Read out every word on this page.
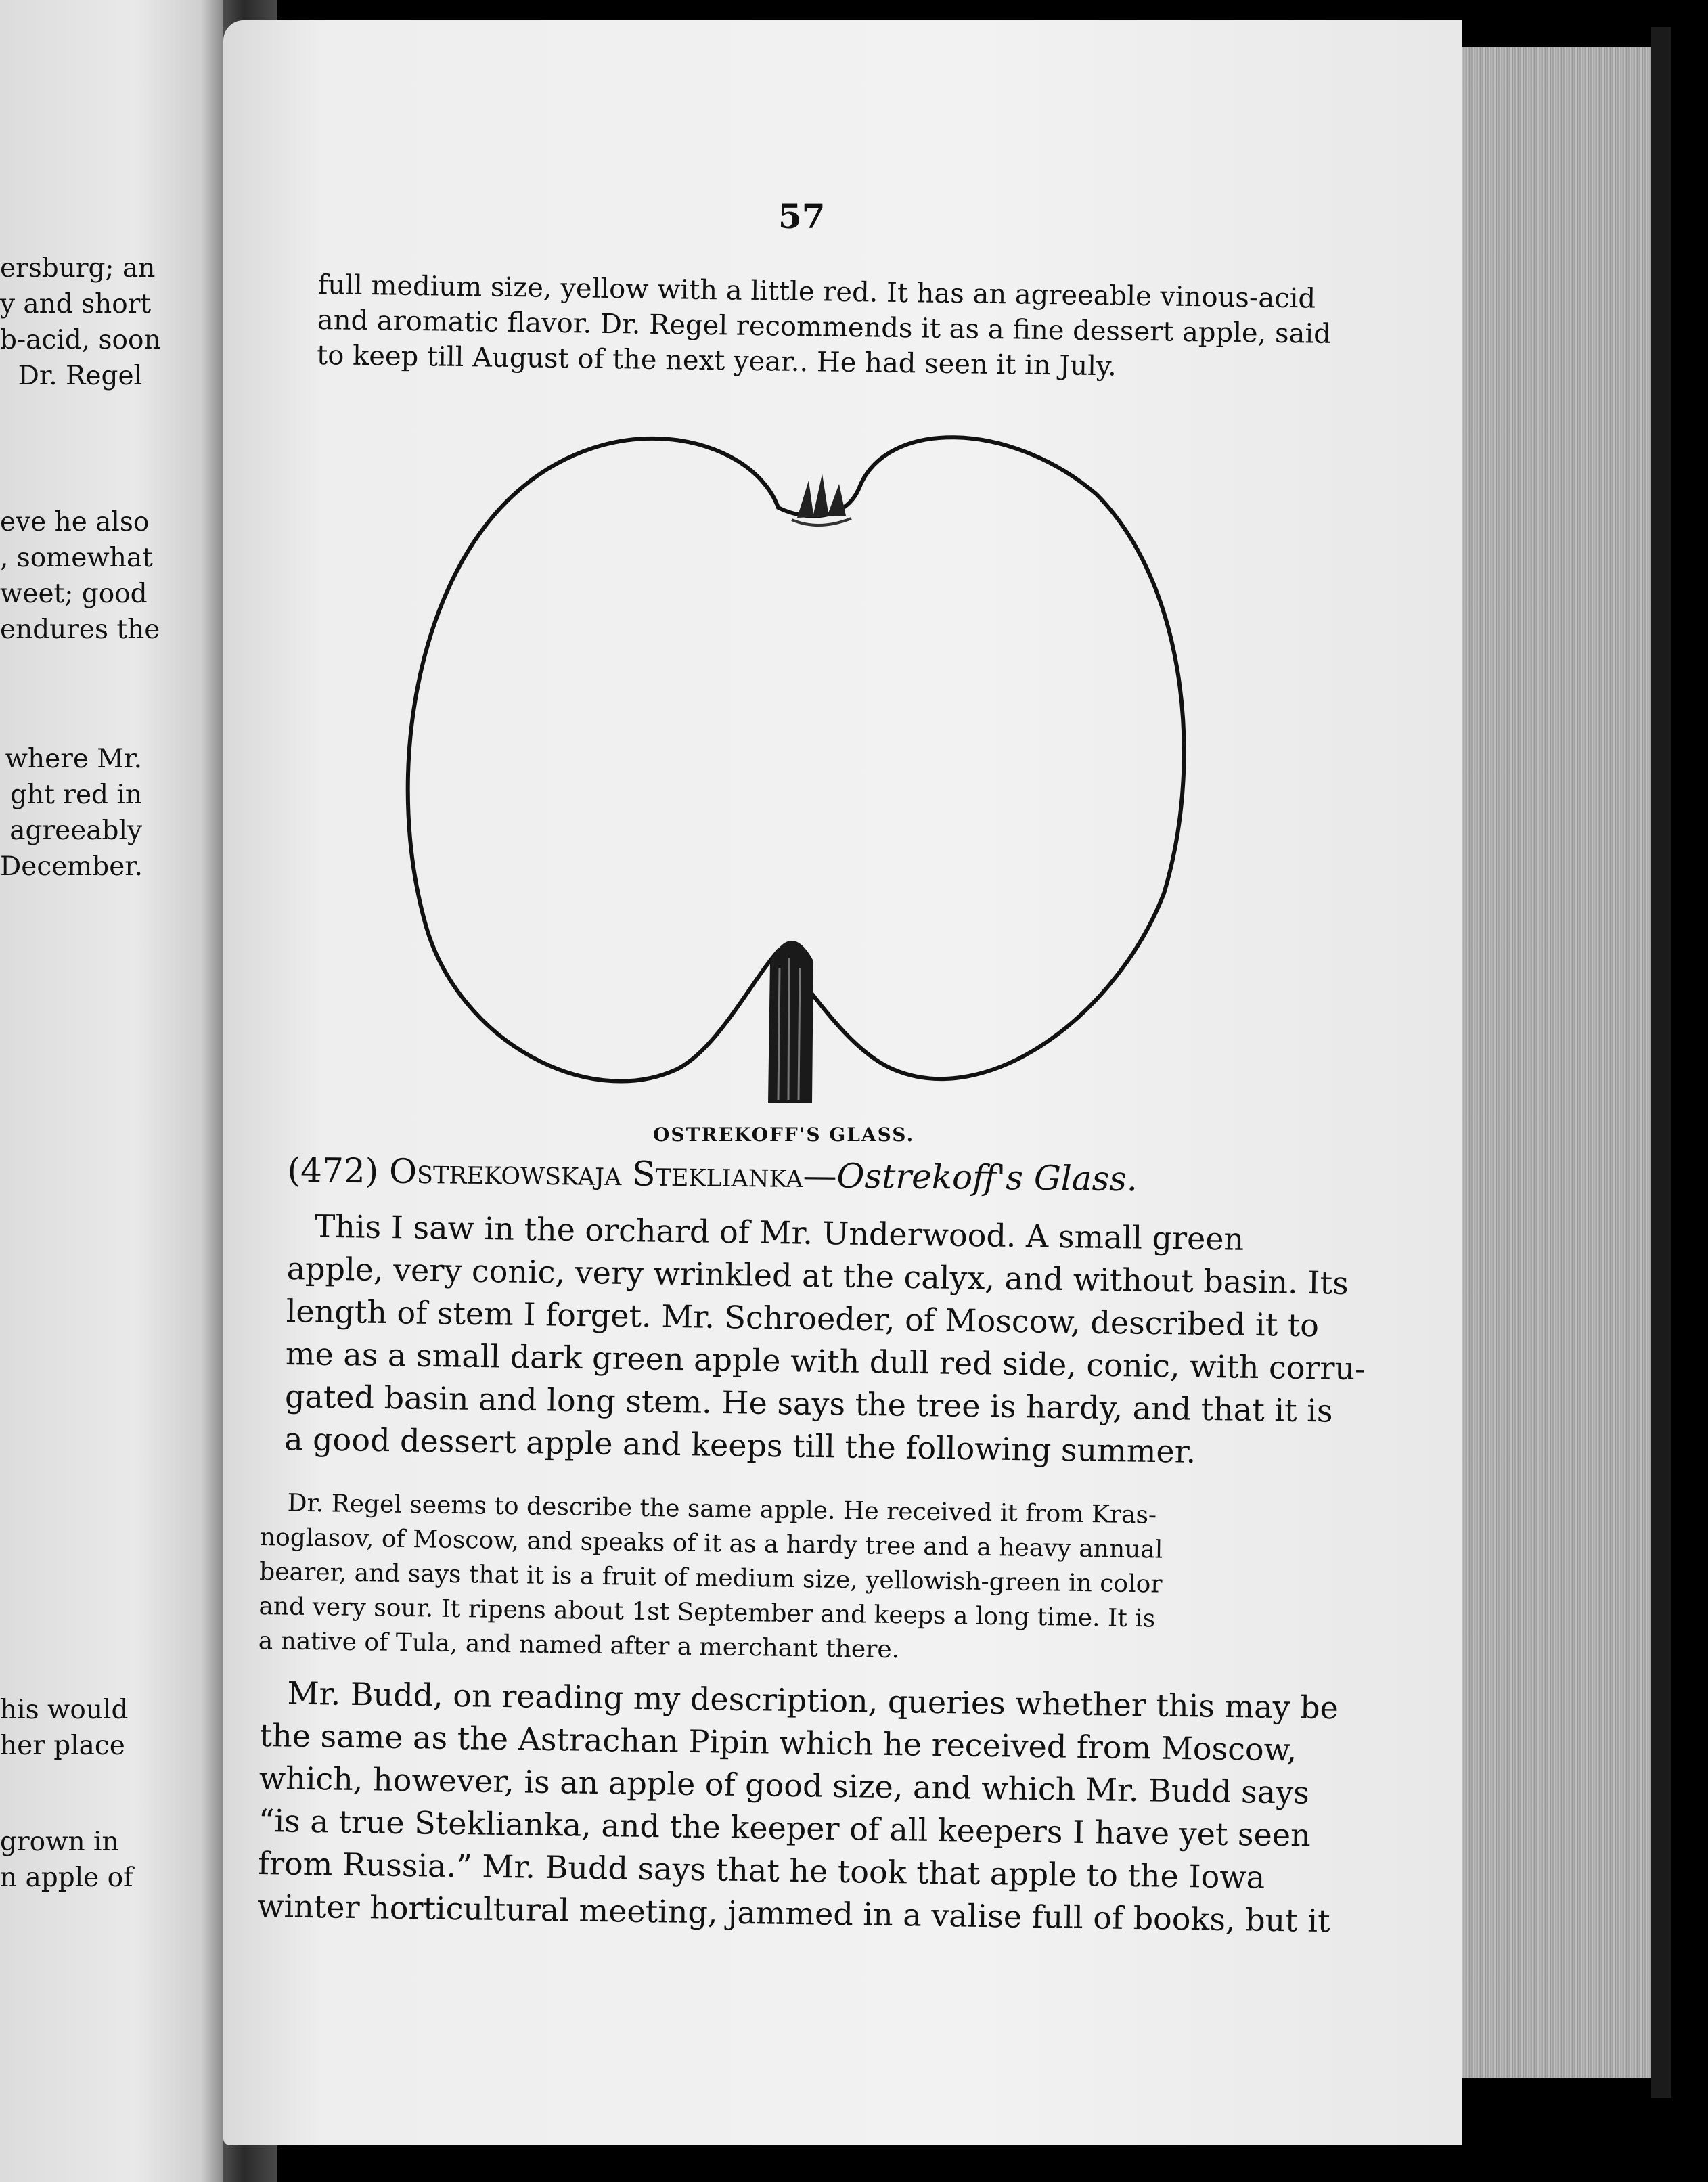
ersburg; an
y and short
b-acid, soon
Dr. Regel
eve he also
, somewhat
weet; good
endures the
where Mr.
ght red in
agreeably
December.
his would
her place
grown in
n apple of
57
full medium size, yellow with a little red. It has an agreeable vinous-acid
and aromatic flavor. Dr. Regel recommends it as a fine dessert apple, said
to keep till August of the next year.. He had seen it in July.
OSTREKOFF'S GLASS.
(472) Ostrekowskaja Steklianka—Ostrekoff's Glass.
This I saw in the orchard of Mr. Underwood. A small green
apple, very conic, very wrinkled at the calyx, and without basin. Its
length of stem I forget. Mr. Schroeder, of Moscow, described it to
me as a small dark green apple with dull red side, conic, with corru-
gated basin and long stem. He says the tree is hardy, and that it is
a good dessert apple and keeps till the following summer.
Dr. Regel seems to describe the same apple. He received it from Kras-
noglasov, of Moscow, and speaks of it as a hardy tree and a heavy annual
bearer, and says that it is a fruit of medium size, yellowish-green in color
and very sour. It ripens about 1st September and keeps a long time. It is
a native of Tula, and named after a merchant there.
Mr. Budd, on reading my description, queries whether this may be
the same as the Astrachan Pipin which he received from Moscow,
which, however, is an apple of good size, and which Mr. Budd says
“is a true Steklianka, and the keeper of all keepers I have yet seen
from Russia.” Mr. Budd says that he took that apple to the Iowa
winter horticultural meeting, jammed in a valise full of books, but it
